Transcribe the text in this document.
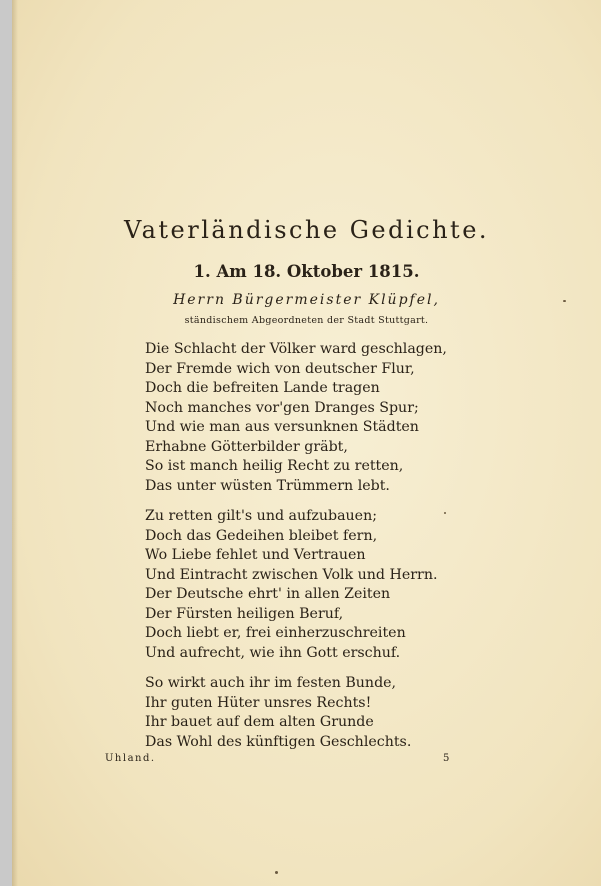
Vaterländische Gedichte.
1. Am 18. Oktober 1815.
Herrn Bürgermeister Klüpfel,
ständischem Abgeordneten der Stadt Stuttgart.
Die Schlacht der Völker ward geschlagen,
Der Fremde wich von deutscher Flur,
Doch die befreiten Lande tragen
Noch manches vor'gen Dranges Spur;
Und wie man aus versunknen Städten
Erhabne Götterbilder gräbt,
So ist manch heilig Recht zu retten,
Das unter wüsten Trümmern lebt.
Zu retten gilt's und aufzubauen;
Doch das Gedeihen bleibet fern,
Wo Liebe fehlet und Vertrauen
Und Eintracht zwischen Volk und Herrn.
Der Deutsche ehrt' in allen Zeiten
Der Fürsten heiligen Beruf,
Doch liebt er, frei einherzuschreiten
Und aufrecht, wie ihn Gott erschuf.
So wirkt auch ihr im festen Bunde,
Ihr guten Hüter unsres Rechts!
Ihr bauet auf dem alten Grunde
Das Wohl des künftigen Geschlechts.
Uhland.	5
